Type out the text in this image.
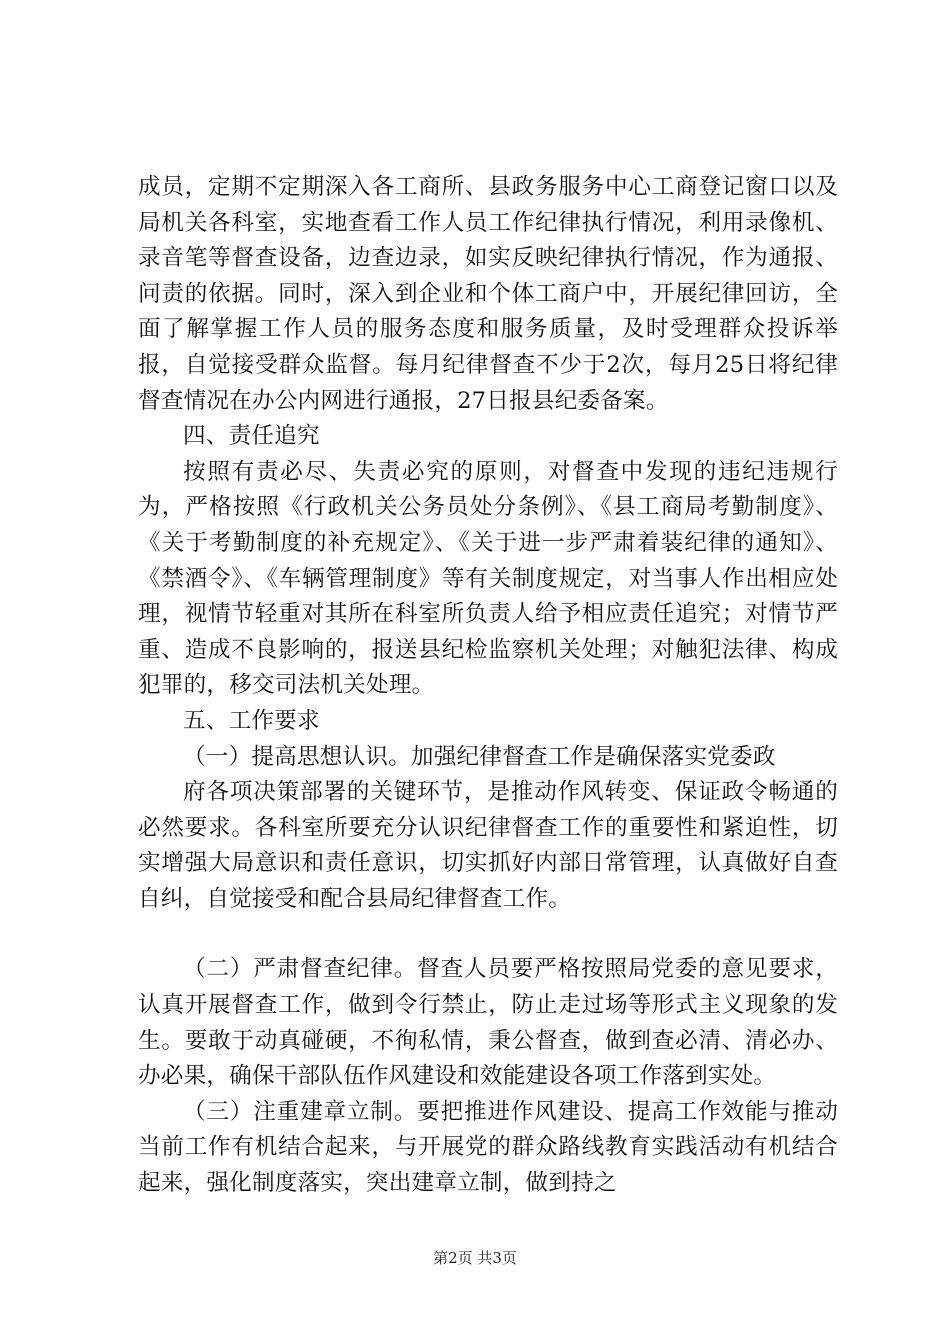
成员，定期不定期深入各工商所、县政务服务中心工商登记窗口以及局机关各科室，实地查看工作人员工作纪律执行情况，利用录像机、录音笔等督查设备，边查边录，如实反映纪律执行情况，作为通报、问责的依据。同时，深入到企业和个体工商户中，开展纪律回访，全面了解掌握工作人员的服务态度和服务质量，及时受理群众投诉举报，自觉接受群众监督。每月纪律督查不少于2次，每月25日将纪律督查情况在办公内网进行通报，27日报县纪委备案。

四、责任追究

按照有责必尽、失责必究的原则，对督查中发现的违纪违规行为，严格按照《行政机关公务员处分条例》、《县工商局考勤制度》、《关于考勤制度的补充规定》、《关于进一步严肃着装纪律的通知》、《禁酒令》、《车辆管理制度》等有关制度规定，对当事人作出相应处理，视情节轻重对其所在科室所负责人给予相应责任追究；对情节严重、造成不良影响的，报送县纪检监察机关处理；对触犯法律、构成犯罪的，移交司法机关处理。

五、工作要求

（一）提高思想认识。加强纪律督查工作是确保落实党委政

府各项决策部署的关键环节，是推动作风转变、保证政令畅通的必然要求。各科室所要充分认识纪律督查工作的重要性和紧迫性，切实增强大局意识和责任意识，切实抓好内部日常管理，认真做好自查自纠，自觉接受和配合县局纪律督查工作。

（二）严肃督查纪律。督查人员要严格按照局党委的意见要求，认真开展督查工作，做到令行禁止，防止走过场等形式主义现象的发生。要敢于动真碰硬，不徇私情，秉公督查，做到查必清、清必办、办必果，确保干部队伍作风建设和效能建设各项工作落到实处。

（三）注重建章立制。要把推进作风建设、提高工作效能与推动当前工作有机结合起来，与开展党的群众路线教育实践活动有机结合起来，强化制度落实，突出建章立制，做到持之

第2页 共3页
